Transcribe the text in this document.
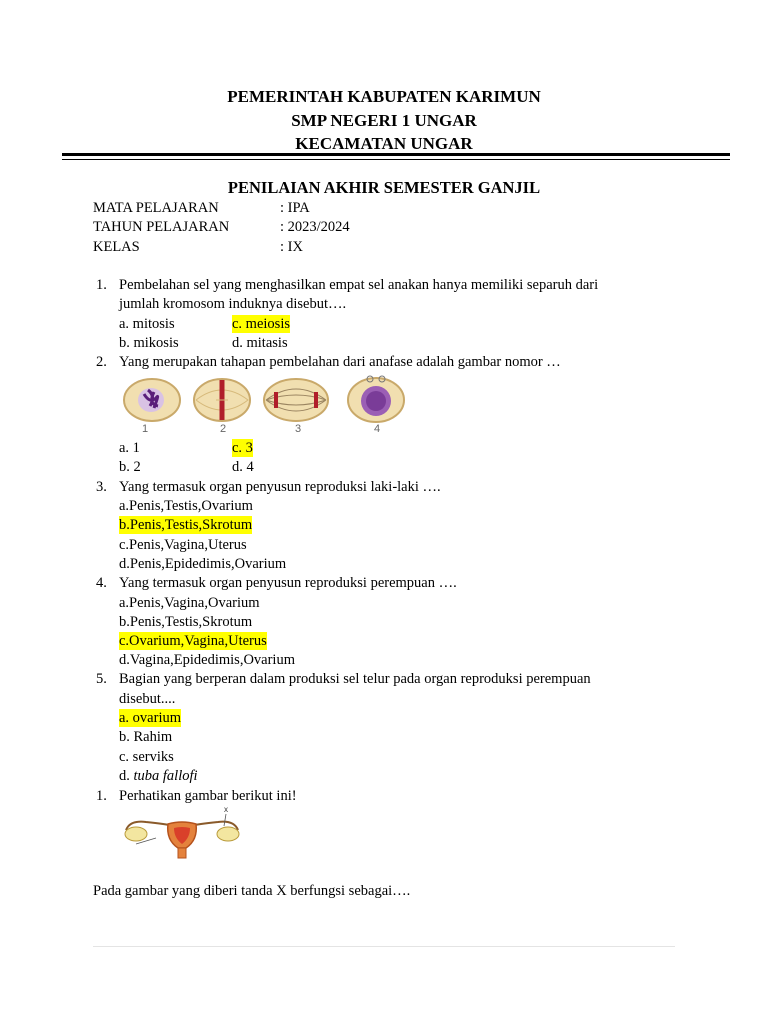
PEMERINTAH KABUPATEN KARIMUN
SMP NEGERI 1 UNGAR
KECAMATAN UNGAR
PENILAIAN AKHIR SEMESTER GANJIL
MATA PELAJARAN	: IPA
TAHUN PELAJARAN	: 2023/2024
KELAS	: IX
1. Pembelahan sel yang menghasilkan empat sel anakan hanya memiliki separuh dari
jumlah kromosom induknya disebut….
a. mitosis	c. meiosis
b. mikosis	d. mitasis
2. Yang merupakan tahapan pembelahan dari anafase adalah gambar nomor …
1	2	3	4
a. 1	c. 3
b. 2	d. 4
3. Yang termasuk organ penyusun reproduksi laki-laki ….
a.Penis,Testis,Ovarium
b.Penis,Testis,Skrotum
c.Penis,Vagina,Uterus
d.Penis,Epidedimis,Ovarium
4. Yang termasuk organ penyusun reproduksi perempuan ….
a.Penis,Vagina,Ovarium
b.Penis,Testis,Skrotum
c.Ovarium,Vagina,Uterus
d.Vagina,Epidedimis,Ovarium
5. Bagian yang berperan dalam produksi sel telur pada organ reproduksi perempuan
disebut....
a. ovarium
b. Rahim
c. serviks
d. tuba fallofi
1. Perhatikan gambar berikut ini!
x
Pada gambar yang diberi tanda X berfungsi sebagai….
